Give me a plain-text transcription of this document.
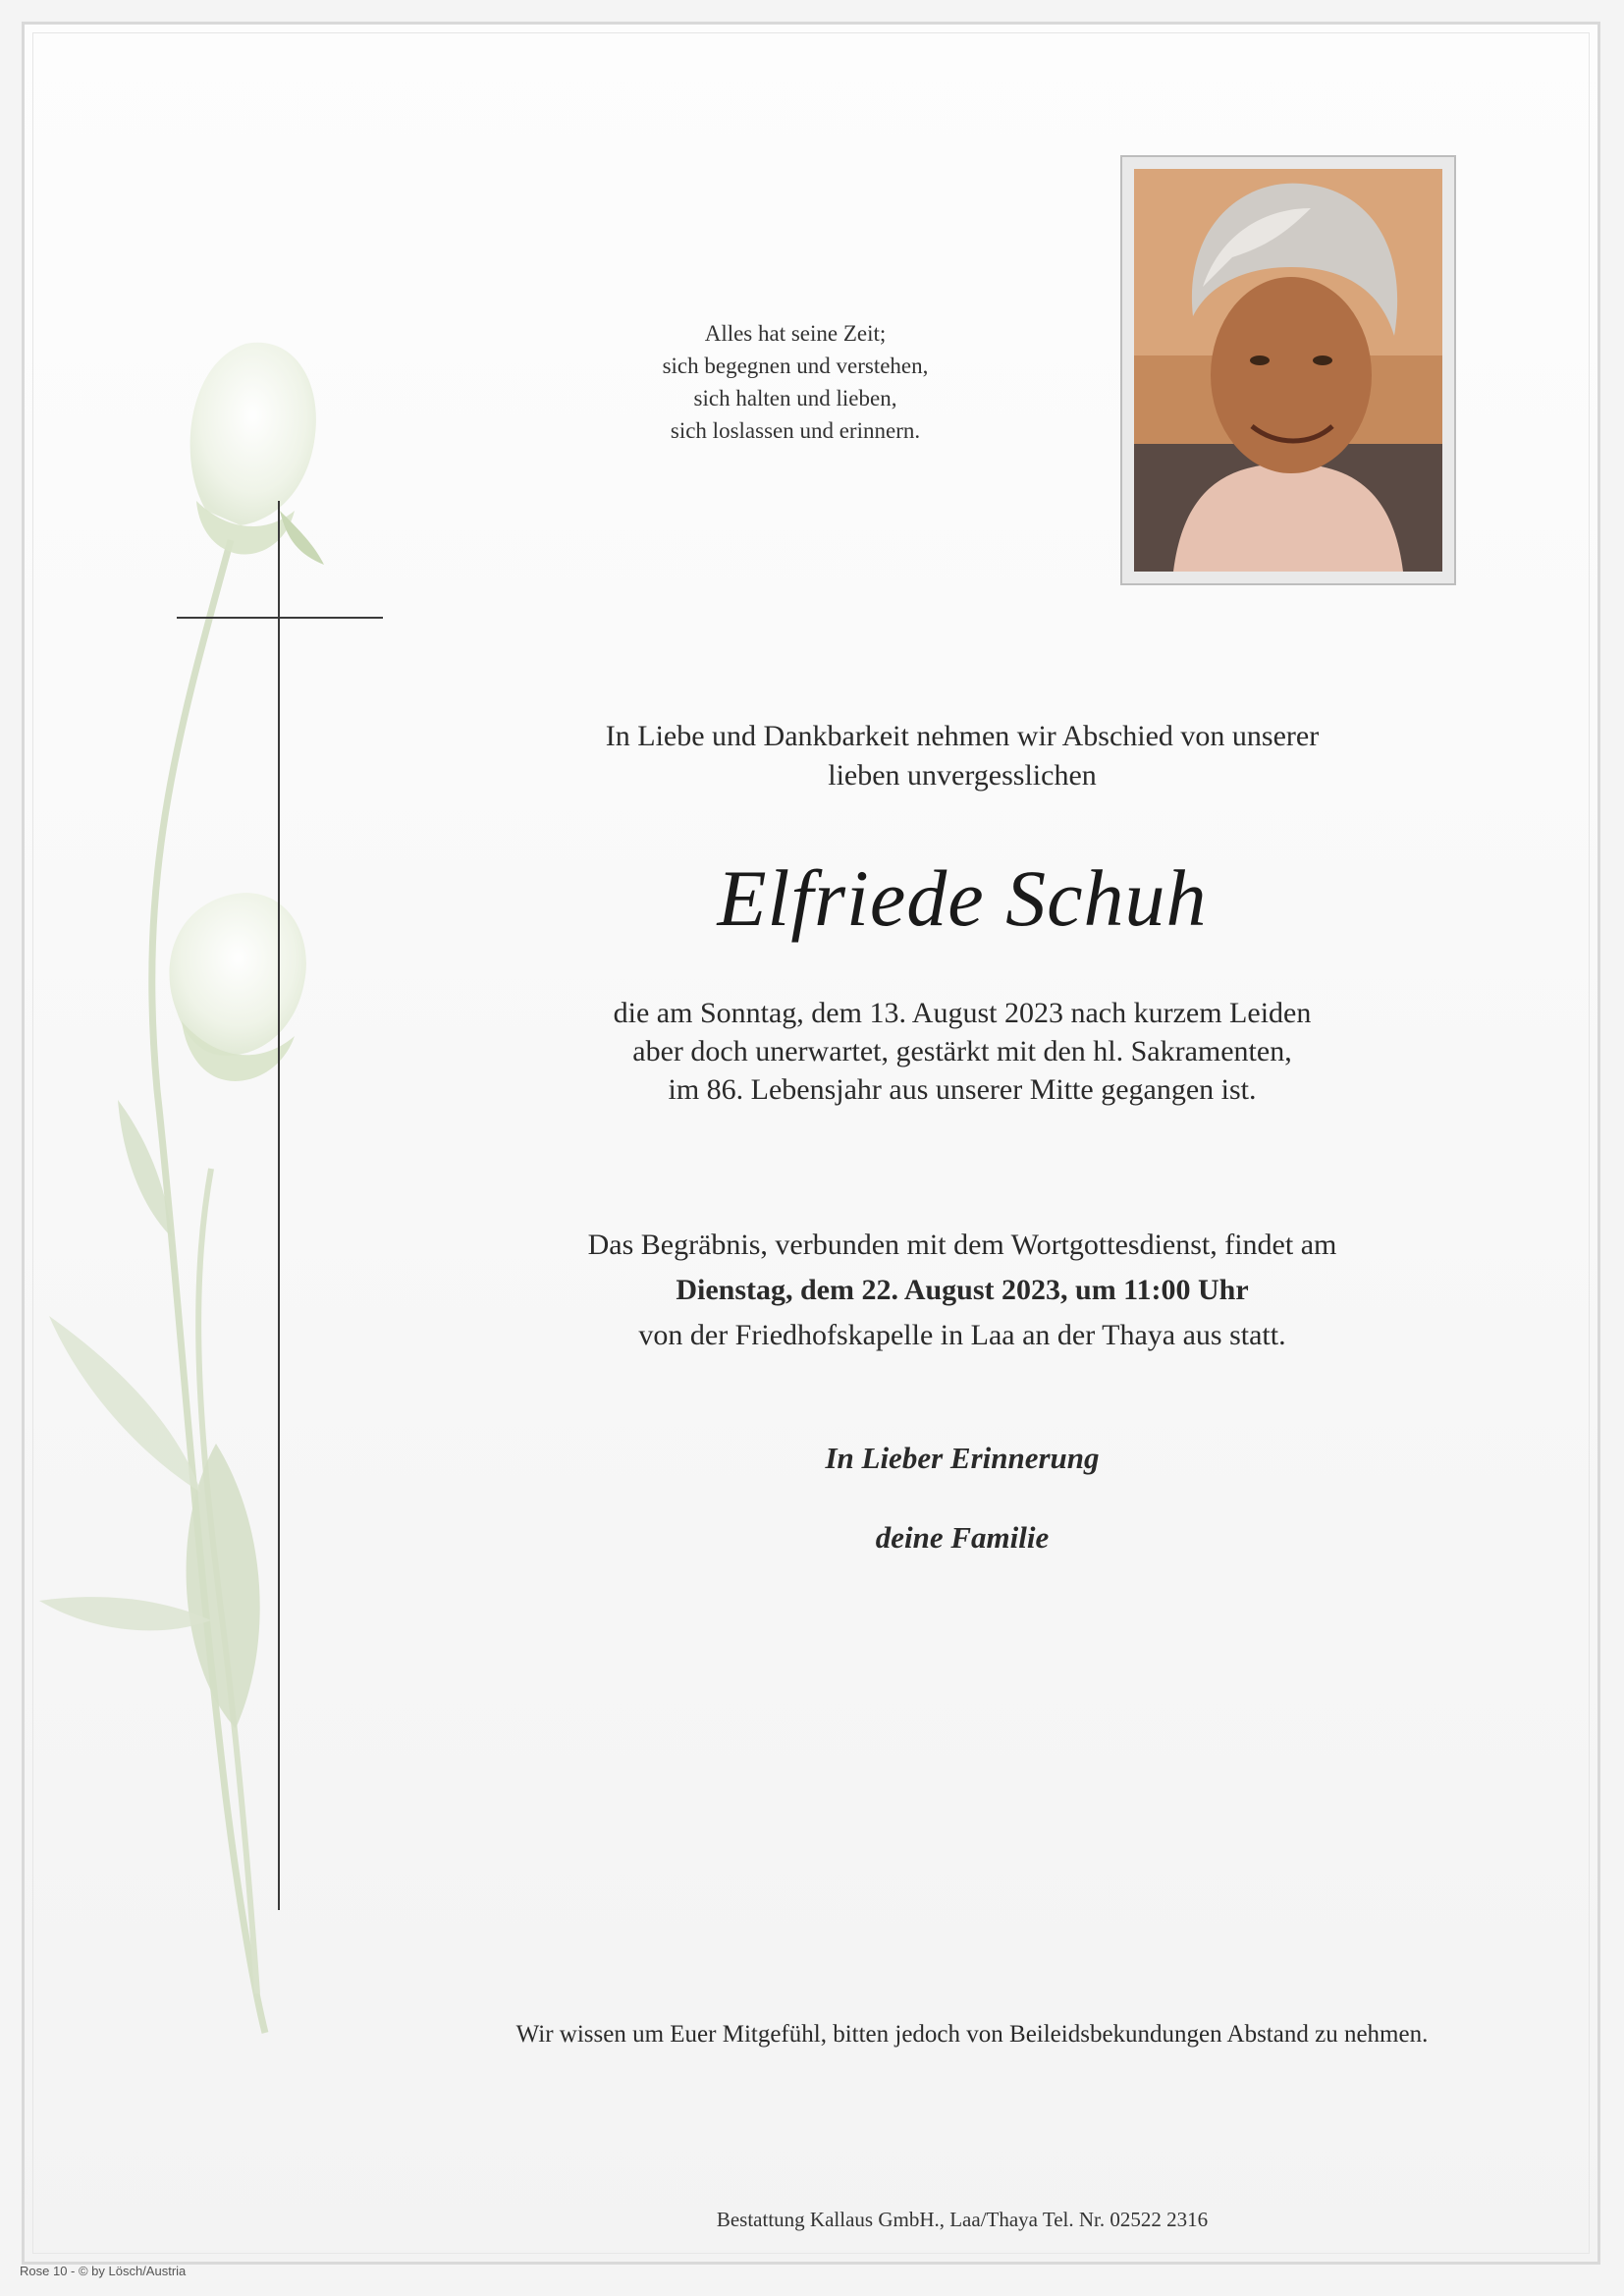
Alles hat seine Zeit;
sich begegnen und verstehen,
sich halten und lieben,
sich loslassen und erinnern.
In Liebe und Dankbarkeit nehmen wir Abschied von unserer
lieben unvergesslichen
Elfriede Schuh
die am Sonntag, dem 13. August 2023 nach kurzem Leiden
aber doch unerwartet, gestärkt mit den hl. Sakramenten,
im 86. Lebensjahr aus unserer Mitte gegangen ist.
Das Begräbnis, verbunden mit dem Wortgottesdienst, findet am
Dienstag, dem 22. August 2023, um 11:00 Uhr
von der Friedhofskapelle in Laa an der Thaya aus statt.
In Lieber Erinnerung
deine Familie
Wir wissen um Euer Mitgefühl, bitten jedoch von Beileidsbekundungen Abstand zu nehmen.
Bestattung Kallaus GmbH., Laa/Thaya Tel. Nr. 02522 2316
Rose 10 - © by Lösch/Austria
